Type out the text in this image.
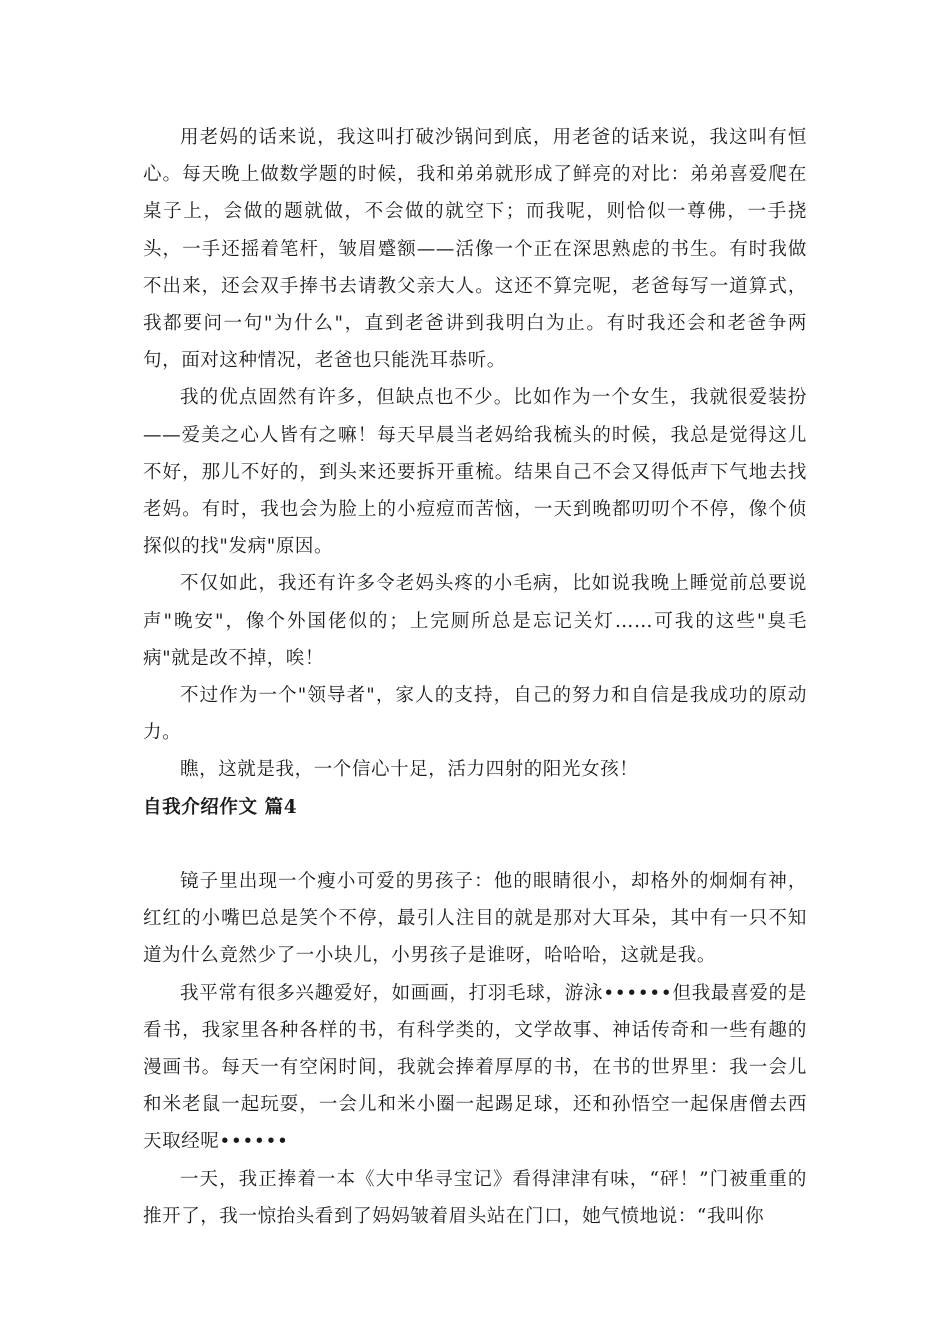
用老妈的话来说，我这叫打破沙锅问到底，用老爸的话来说，我这叫有恒心。每天晚上做数学题的时候，我和弟弟就形成了鲜亮的对比：弟弟喜爱爬在桌子上，会做的题就做，不会做的就空下；而我呢，则恰似一尊佛，一手挠头，一手还摇着笔杆，皱眉蹙额——活像一个正在深思熟虑的书生。有时我做不出来，还会双手捧书去请教父亲大人。这还不算完呢，老爸每写一道算式，我都要问一句"为什么"，直到老爸讲到我明白为止。有时我还会和老爸争两句，面对这种情况，老爸也只能洗耳恭听。

我的优点固然有许多，但缺点也不少。比如作为一个女生，我就很爱装扮——爱美之心人皆有之嘛！每天早晨当老妈给我梳头的时候，我总是觉得这儿不好，那儿不好的，到头来还要拆开重梳。结果自己不会又得低声下气地去找老妈。有时，我也会为脸上的小痘痘而苦恼，一天到晚都叨叨个不停，像个侦探似的找"发病"原因。

不仅如此，我还有许多令老妈头疼的小毛病，比如说我晚上睡觉前总要说声"晚安"，像个外国佬似的；上完厕所总是忘记关灯……可我的这些"臭毛病"就是改不掉，唉！

不过作为一个"领导者"，家人的支持，自己的努力和自信是我成功的原动力。

瞧，这就是我，一个信心十足，活力四射的阳光女孩！

自我介绍作文 篇4

镜子里出现一个瘦小可爱的男孩子：他的眼睛很小，却格外的炯炯有神，红红的小嘴巴总是笑个不停，最引人注目的就是那对大耳朵，其中有一只不知道为什么竟然少了一小块儿，小男孩子是谁呀，哈哈哈，这就是我。

我平常有很多兴趣爱好，如画画，打羽毛球，游泳••••••但我最喜爱的是看书，我家里各种各样的书，有科学类的，文学故事、神话传奇和一些有趣的漫画书。每天一有空闲时间，我就会捧着厚厚的书，在书的世界里：我一会儿和米老鼠一起玩耍，一会儿和米小圈一起踢足球，还和孙悟空一起保唐僧去西天取经呢••••••

一天，我正捧着一本《大中华寻宝记》看得津津有味，“砰！”门被重重的推开了，我一惊抬头看到了妈妈皱着眉头站在门口，她气愤地说：“我叫你
